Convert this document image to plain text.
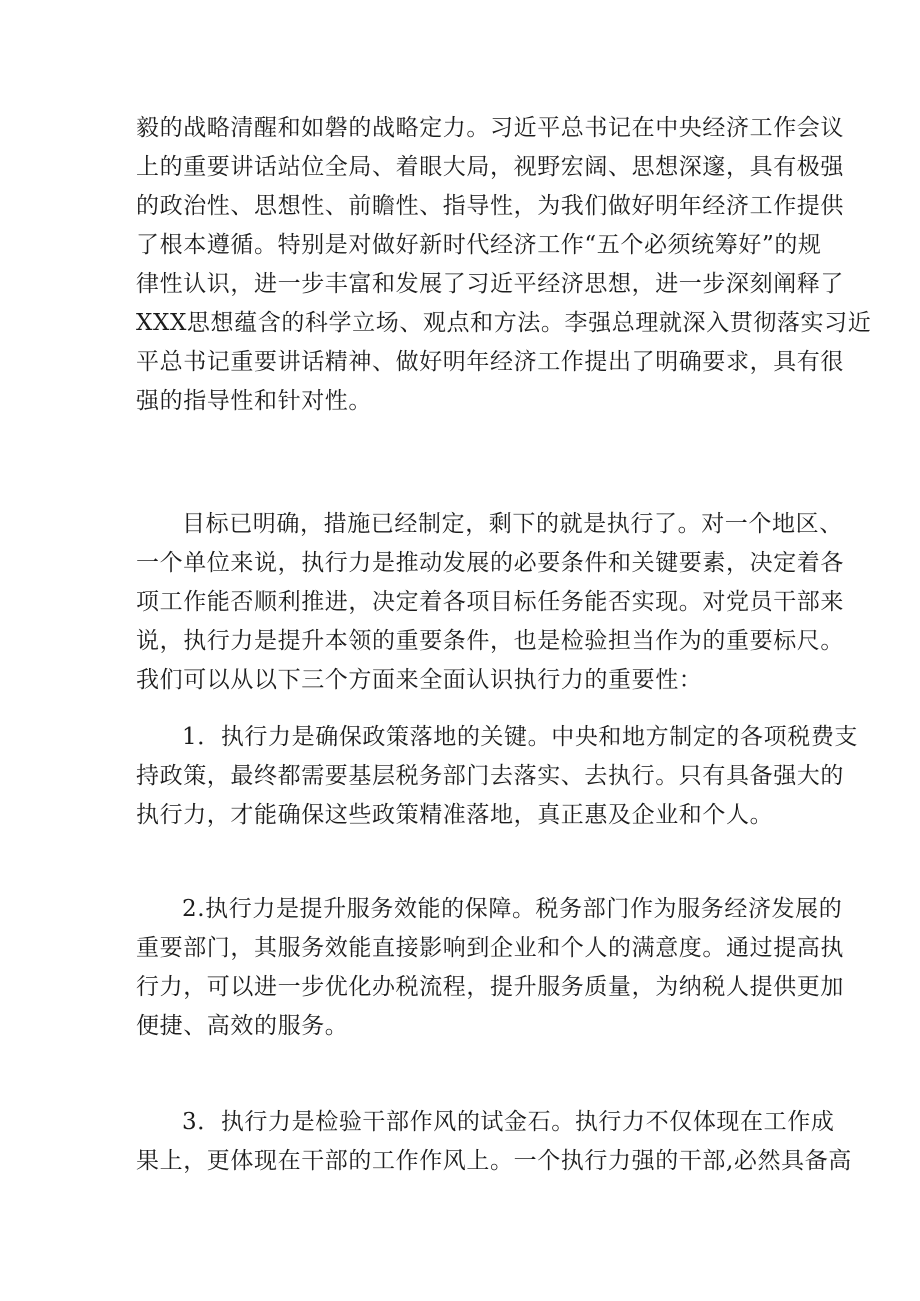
毅的战略清醒和如磐的战略定力。习近平总书记在中央经济工作会议
上的重要讲话站位全局、着眼大局，视野宏阔、思想深邃，具有极强
的政治性、思想性、前瞻性、指导性，为我们做好明年经济工作提供
了根本遵循。特别是对做好新时代经济工作“五个必须统筹好”的规
律性认识，进一步丰富和发展了习近平经济思想，进一步深刻阐释了
XXX思想蕴含的科学立场、观点和方法。李强总理就深入贯彻落实习近
平总书记重要讲话精神、做好明年经济工作提出了明确要求，具有很
强的指导性和针对性。
目标已明确，措施已经制定，剩下的就是执行了。对一个地区、
一个单位来说，执行力是推动发展的必要条件和关键要素，决定着各
项工作能否顺利推进，决定着各项目标任务能否实现。对党员干部来
说，执行力是提升本领的重要条件，也是检验担当作为的重要标尺。
我们可以从以下三个方面来全面认识执行力的重要性：
1．执行力是确保政策落地的关键。中央和地方制定的各项税费支
持政策，最终都需要基层税务部门去落实、去执行。只有具备强大的
执行力，才能确保这些政策精准落地，真正惠及企业和个人。
2.执行力是提升服务效能的保障。税务部门作为服务经济发展的
重要部门，其服务效能直接影响到企业和个人的满意度。通过提高执
行力，可以进一步优化办税流程，提升服务质量，为纳税人提供更加
便捷、高效的服务。
3．执行力是检验干部作风的试金石。执行力不仅体现在工作成
果上，更体现在干部的工作作风上。一个执行力强的干部,必然具备高
